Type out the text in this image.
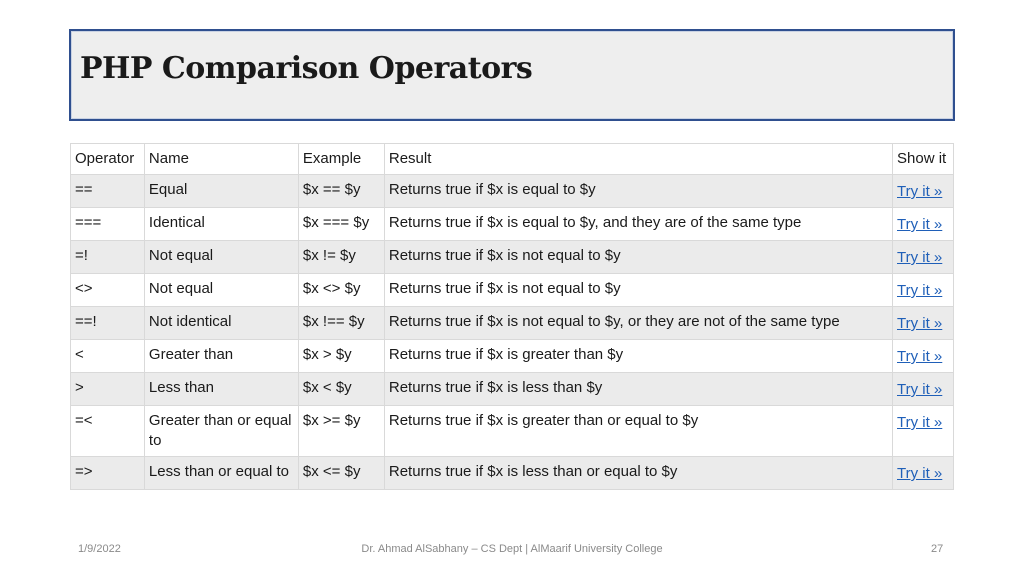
PHP Comparison Operators
Operator	Name	Example	Result	Show it
==	Equal	$x == $y	Returns true if $x is equal to $y	Try it »
===	Identical	$x === $y	Returns true if $x is equal to $y, and they are of the same type	Try it »
=!	Not equal	$x != $y	Returns true if $x is not equal to $y	Try it »
<>	Not equal	$x <> $y	Returns true if $x is not equal to $y	Try it »
==!	Not identical	$x !== $y	Returns true if $x is not equal to $y, or they are not of the same type	Try it »
<	Greater than	$x > $y	Returns true if $x is greater than $y	Try it »
>	Less than	$x < $y	Returns true if $x is less than $y	Try it »
=<	Greater than or equal to	$x >= $y	Returns true if $x is greater than or equal to $y	Try it »
=>	Less than or equal to	$x <= $y	Returns true if $x is less than or equal to $y	Try it »
1/9/2022	Dr. Ahmad AlSabhany – CS Dept | AlMaarif University College	27
